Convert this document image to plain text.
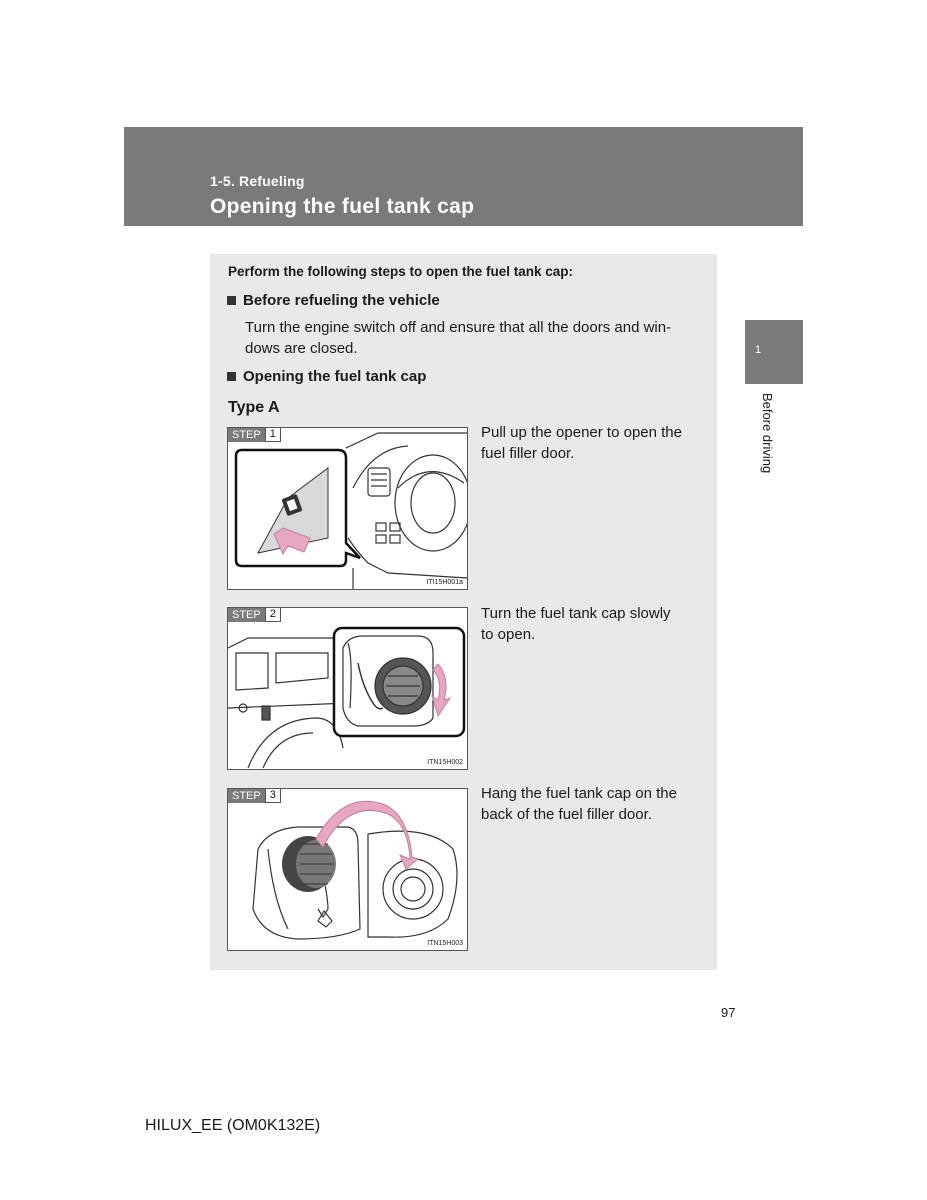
1-5. Refueling
Opening the fuel tank cap
1
Before driving
Perform the following steps to open the fuel tank cap:
Before refueling the vehicle
Turn the engine switch off and ensure that all the doors and win-
dows are closed.
Opening the fuel tank cap
Type A
STEP 1
ITI15H001a
Pull up the opener to open the
fuel filler door.
STEP 2
ITN15H002
Turn the fuel tank cap slowly
to open.
STEP 3
ITN15H003
Hang the fuel tank cap on the
back of the fuel filler door.
97
HILUX_EE (OM0K132E)
